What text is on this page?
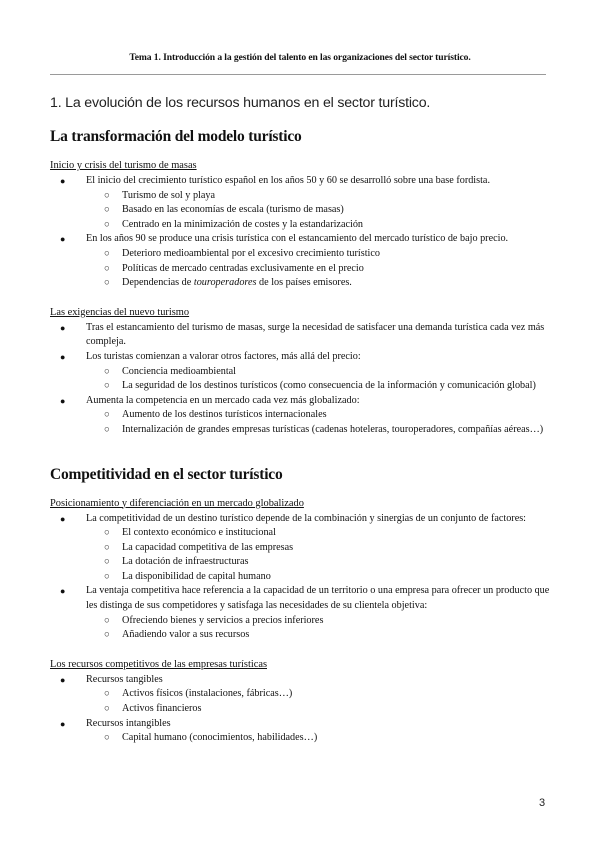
Tema 1. Introducción a la gestión del talento en las organizaciones del sector turístico.
1. La evolución de los recursos humanos en el sector turístico.
La transformación del modelo turístico
Inicio y crisis del turismo de masas
● El inicio del crecimiento turístico español en los años 50 y 60 se desarrolló sobre una base fordista.
○ Turismo de sol y playa
○ Basado en las economías de escala (turismo de masas)
○ Centrado en la minimización de costes y la estandarización
● En los años 90 se produce una crisis turística con el estancamiento del mercado turístico de bajo precio.
○ Deterioro medioambiental por el excesivo crecimiento turístico
○ Políticas de mercado centradas exclusivamente en el precio
○ Dependencias de touroperadores de los países emisores.
Las exigencias del nuevo turismo
● Tras el estancamiento del turismo de masas, surge la necesidad de satisfacer una demanda turística cada vez más compleja.
● Los turistas comienzan a valorar otros factores, más allá del precio:
○ Conciencia medioambiental
○ La seguridad de los destinos turísticos (como consecuencia de la información y comunicación global)
● Aumenta la competencia en un mercado cada vez más globalizado:
○ Aumento de los destinos turísticos internacionales
○ Internalización de grandes empresas turísticas (cadenas hoteleras, touroperadores, compañías aéreas…)
Competitividad en el sector turístico
Posicionamiento y diferenciación en un mercado globalizado
● La competitividad de un destino turístico depende de la combinación y sinergias de un conjunto de factores:
○ El contexto económico e institucional
○ La capacidad competitiva de las empresas
○ La dotación de infraestructuras
○ La disponibilidad de capital humano
● La ventaja competitiva hace referencia a la capacidad de un territorio o una empresa para ofrecer un producto que les distinga de sus competidores y satisfaga las necesidades de su clientela objetiva:
○ Ofreciendo bienes y servicios a precios inferiores
○ Añadiendo valor a sus recursos
Los recursos competitivos de las empresas turísticas
● Recursos tangibles
○ Activos físicos (instalaciones, fábricas…)
○ Activos financieros
● Recursos intangibles
○ Capital humano (conocimientos, habilidades…)
3
